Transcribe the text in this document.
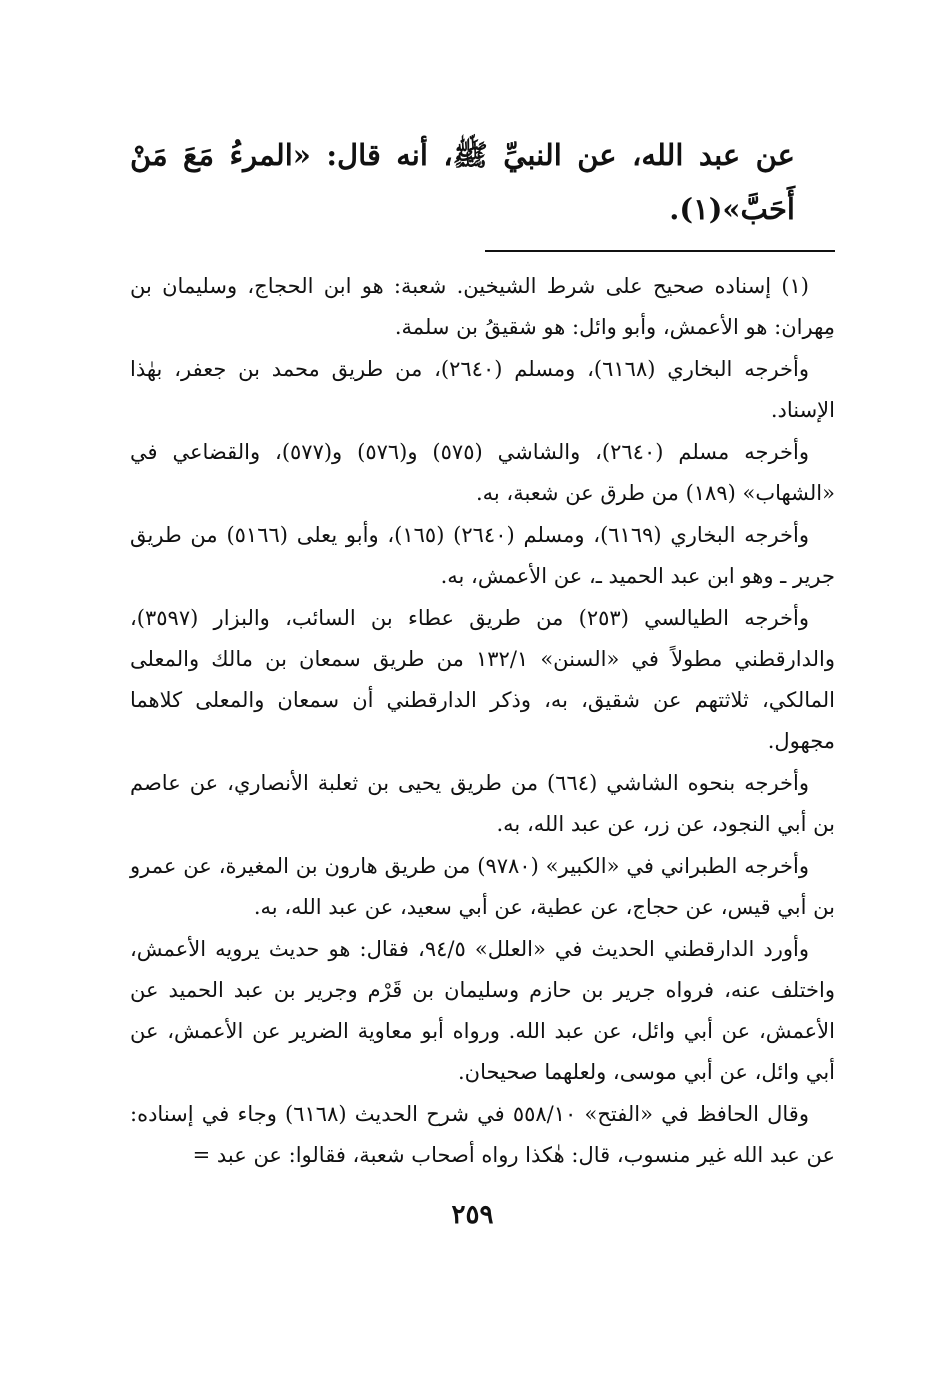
عن عبد الله، عن النبيِّ ﷺ، أنه قال: «المرءُ مَعَ مَنْ أَحَبَّ»(١).

(١) إسناده صحيح على شرط الشيخين. شعبة: هو ابن الحجاج، وسليمان بن مِهران: هو الأعمش، وأبو وائل: هو شقيقُ بن سلمة.

وأخرجه البخاري (٦١٦٨)، ومسلم (٢٦٤٠)، من طريق محمد بن جعفر، بهٰذا الإسناد.

وأخرجه مسلم (٢٦٤٠)، والشاشي (٥٧٥) و(٥٧٦) و(٥٧٧)، والقضاعي في «الشهاب» (١٨٩) من طرق عن شعبة، به.

وأخرجه البخاري (٦١٦٩)، ومسلم (٢٦٤٠) (١٦٥)، وأبو يعلى (٥١٦٦) من طريق جرير ـ وهو ابن عبد الحميد ـ، عن الأعمش، به.

وأخرجه الطيالسي (٢٥٣) من طريق عطاء بن السائب، والبزار (٣٥٩٧)، والدارقطني مطولاً في «السنن» ١٣٢/١ من طريق سمعان بن مالك والمعلى المالكي، ثلاثتهم عن شقيق، به، وذكر الدارقطني أن سمعان والمعلى كلاهما مجهول.

وأخرجه بنحوه الشاشي (٦٦٤) من طريق يحيى بن ثعلبة الأنصاري، عن عاصم بن أبي النجود، عن زر، عن عبد الله، به.

وأخرجه الطبراني في «الكبير» (٩٧٨٠) من طريق هارون بن المغيرة، عن عمرو بن أبي قيس، عن حجاج، عن عطية، عن أبي سعيد، عن عبد الله، به.

وأورد الدارقطني الحديث في «العلل» ٩٤/٥، فقال: هو حديث يرويه الأعمش، واختلف عنه، فرواه جرير بن حازم وسليمان بن قَرْم وجرير بن عبد الحميد عن الأعمش، عن أبي وائل، عن عبد الله. ورواه أبو معاوية الضرير عن الأعمش، عن أبي وائل، عن أبي موسى، ولعلهما صحيحان.

وقال الحافظ في «الفتح» ٥٥٨/١٠ في شرح الحديث (٦١٦٨) وجاء في إسناده: عن عبد الله غير منسوب، قال: هٰكذا رواه أصحاب شعبة، فقالوا: عن عبد =

٢٥٩
